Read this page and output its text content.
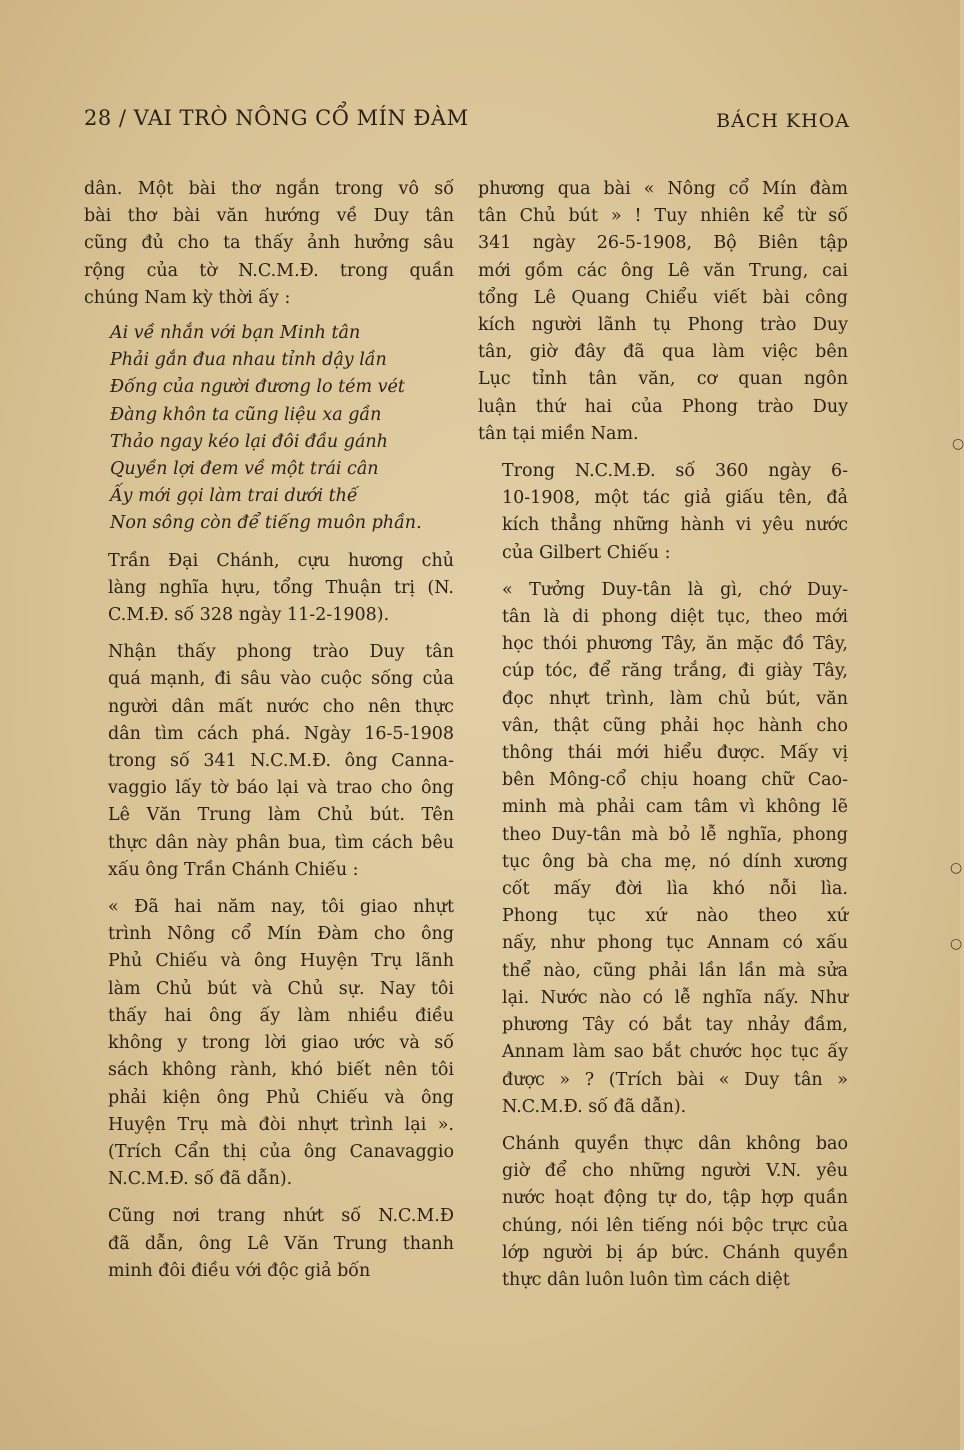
28 / VAI TRÒ NÔNG CỔ MÍN ĐÀM	BÁCH KHOA

dân. Một bài thơ ngắn trong vô số
bài thơ bài văn hướng về Duy tân
cũng đủ cho ta thấy ảnh hưởng sâu
rộng của tờ N.C.M.Đ. trong quần
chúng Nam kỳ thời ấy :

Ai về nhắn với bạn Minh tân
Phải gắn đua nhau tỉnh dậy lần
Đống của người đương lo tém vét
Đàng khôn ta cũng liệu xa gần
Thảo ngay kéo lại đôi đầu gánh
Quyền lợi đem về một trái cân
Ấy mới gọi làm trai dưới thế
Non sông còn để tiếng muôn phần.

Trần Đại Chánh, cựu hương chủ
làng nghĩa hựu, tổng Thuận trị (N.
C.M.Đ. số 328 ngày 11-2-1908).

Nhận thấy phong trào Duy tân
quá mạnh, đi sâu vào cuộc sống của
người dân mất nước cho nên thực
dân tìm cách phá. Ngày 16-5-1908
trong số 341 N.C.M.Đ. ông Canna-
vaggio lấy tờ báo lại và trao cho ông
Lê Văn Trung làm Chủ bút. Tên
thực dân này phân bua, tìm cách bêu
xấu ông Trần Chánh Chiếu :

« Đã hai năm nay, tôi giao nhựt
trình Nông cổ Mín Đàm cho ông
Phủ Chiếu và ông Huyện Trụ lãnh
làm Chủ bút và Chủ sự. Nay tôi
thấy hai ông ấy làm nhiều điều
không y trong lời giao ước và số
sách không rành, khó biết nên tôi
phải kiện ông Phủ Chiếu và ông
Huyện Trụ mà đòi nhựt trình lại ».
(Trích Cẩn thị của ông Canavaggio
N.C.M.Đ. số đã dẫn).

Cũng nơi trang nhứt số N.C.M.Đ
đã dẫn, ông Lê Văn Trung thanh
minh đôi điều với độc giả bốn

phương qua bài « Nông cổ Mín đàm
tân Chủ bút » ! Tuy nhiên kể từ số
341 ngày 26-5-1908, Bộ Biên tập
mới gồm các ông Lê văn Trung, cai
tổng Lê Quang Chiểu viết bài công
kích người lãnh tụ Phong trào Duy
tân, giờ đây đã qua làm việc bên
Lục tỉnh tân văn, cơ quan ngôn
luận thứ hai của Phong trào Duy
tân tại miền Nam.

Trong N.C.M.Đ. số 360 ngày 6-
10-1908, một tác giả giấu tên, đả
kích thẳng những hành vi yêu nước
của Gilbert Chiếu :

« Tưởng Duy-tân là gì, chớ Duy-
tân là di phong diệt tục, theo mới
học thói phương Tây, ăn mặc đồ Tây,
cúp tóc, để răng trắng, đi giày Tây,
đọc nhựt trình, làm chủ bút, văn
vân, thật cũng phải học hành cho
thông thái mới hiểu được. Mấy vị
bên Mông-cổ chịu hoang chữ Cao-
minh mà phải cam tâm vì không lẽ
theo Duy-tân mà bỏ lễ nghĩa, phong
tục ông bà cha mẹ, nó dính xương
cốt mấy đời lìa khó nỗi lìa.
Phong tục xứ nào theo xứ
nấy, như phong tục Annam có xấu
thể nào, cũng phải lần lần mà sửa
lại. Nước nào có lễ nghĩa nấy. Như
phương Tây có bắt tay nhảy đầm,
Annam làm sao bắt chước học tục ấy
được » ? (Trích bài « Duy tân »
N.C.M.Đ. số đã dẫn).

Chánh quyền thực dân không bao
giờ để cho những người V.N. yêu
nước hoạt động tự do, tập hợp quần
chúng, nói lên tiếng nói bộc trực của
lớp người bị áp bức. Chánh quyền
thực dân luôn luôn tìm cách diệt

○
○
○
